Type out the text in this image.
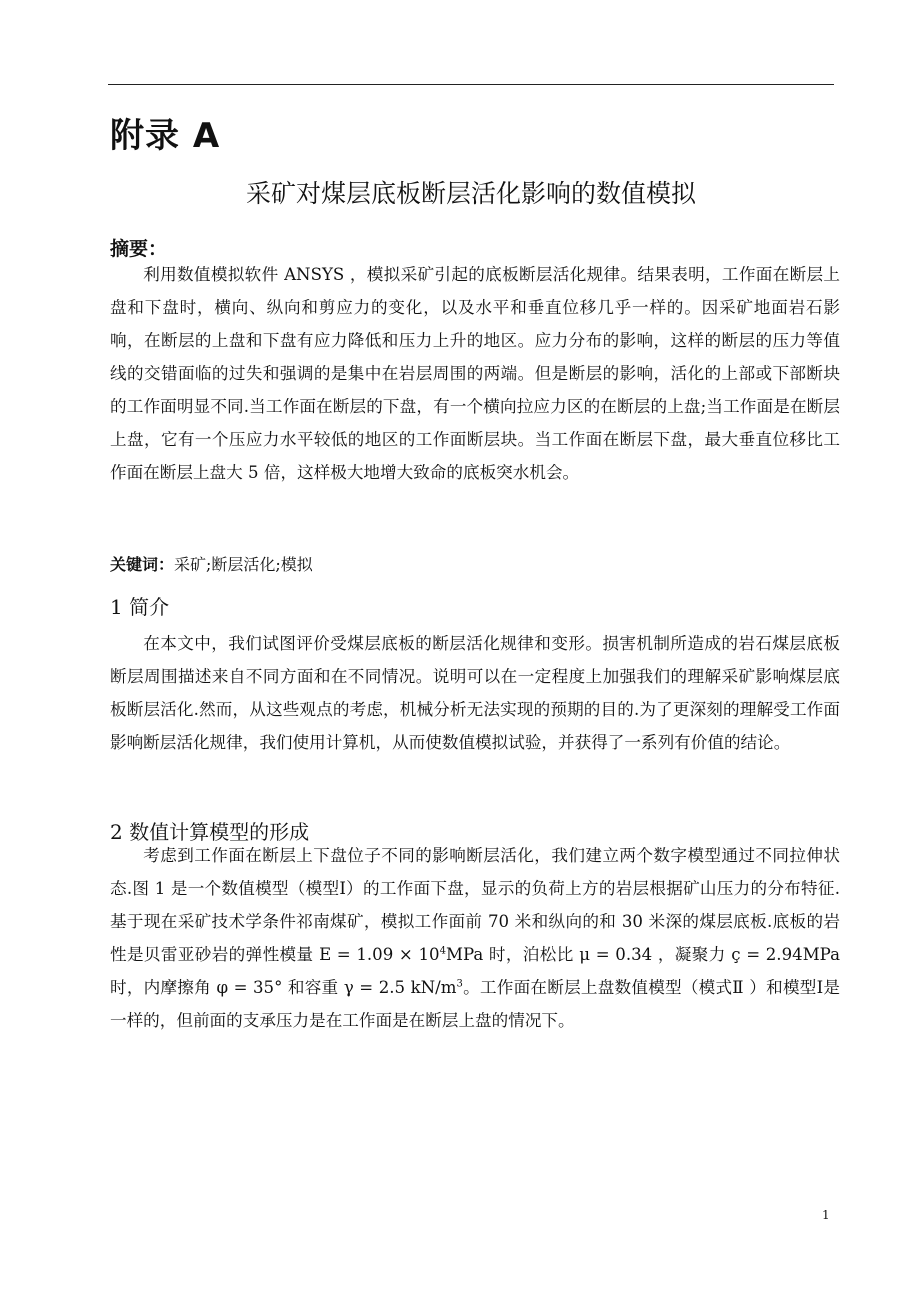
附录 A
采矿对煤层底板断层活化影响的数值模拟
摘要：

利用数值模拟软件 ANSYS ，模拟采矿引起的底板断层活化规律。结果表明，工作面在断层上盘和下盘时，横向、纵向和剪应力的变化，以及水平和垂直位移几乎一样的。因采矿地面岩石影响，在断层的上盘和下盘有应力降低和压力上升的地区。应力分布的影响，这样的断层的压力等值线的交错面临的过失和强调的是集中在岩层周围的两端。但是断层的影响，活化的上部或下部断块的工作面明显不同.当工作面在断层的下盘，有一个横向拉应力区的在断层的上盘;当工作面是在断层上盘，它有一个压应力水平较低的地区的工作面断层块。当工作面在断层下盘，最大垂直位移比工作面在断层上盘大 5 倍，这样极大地增大致命的底板突水机会。

关键词：采矿;断层活化;模拟
1 简介

在本文中，我们试图评价受煤层底板的断层活化规律和变形。损害机制所造成的岩石煤层底板断层周围描述来自不同方面和在不同情况。说明可以在一定程度上加强我们的理解采矿影响煤层底板断层活化.然而，从这些观点的考虑，机械分析无法实现的预期的目的.为了更深刻的理解受工作面影响断层活化规律，我们使用计算机，从而使数值模拟试验，并获得了一系列有价值的结论。

2 数值计算模型的形成

考虑到工作面在断层上下盘位子不同的影响断层活化，我们建立两个数字模型通过不同拉伸状态.图 1 是一个数值模型（模型Ⅰ）的工作面下盘，显示的负荷上方的岩层根据矿山压力的分布特征.基于现在采矿技术学条件祁南煤矿，模拟工作面前 70 米和纵向的和 30 米深的煤层底板.底板的岩性是贝雷亚砂岩的弹性模量 $E = 1.09 \times 10^4MPa$ 时，泊松比 μ = 0.34 ，凝聚力 ç = 2.94MPa 时，内摩擦角 φ = 35° 和容重 γ = 2.5 $kN/m^3$。工作面在断层上盘数值模型（模式Ⅱ ）和模型Ⅰ是一样的，但前面的支承压力是在工作面是在断层上盘的情况下。

1
